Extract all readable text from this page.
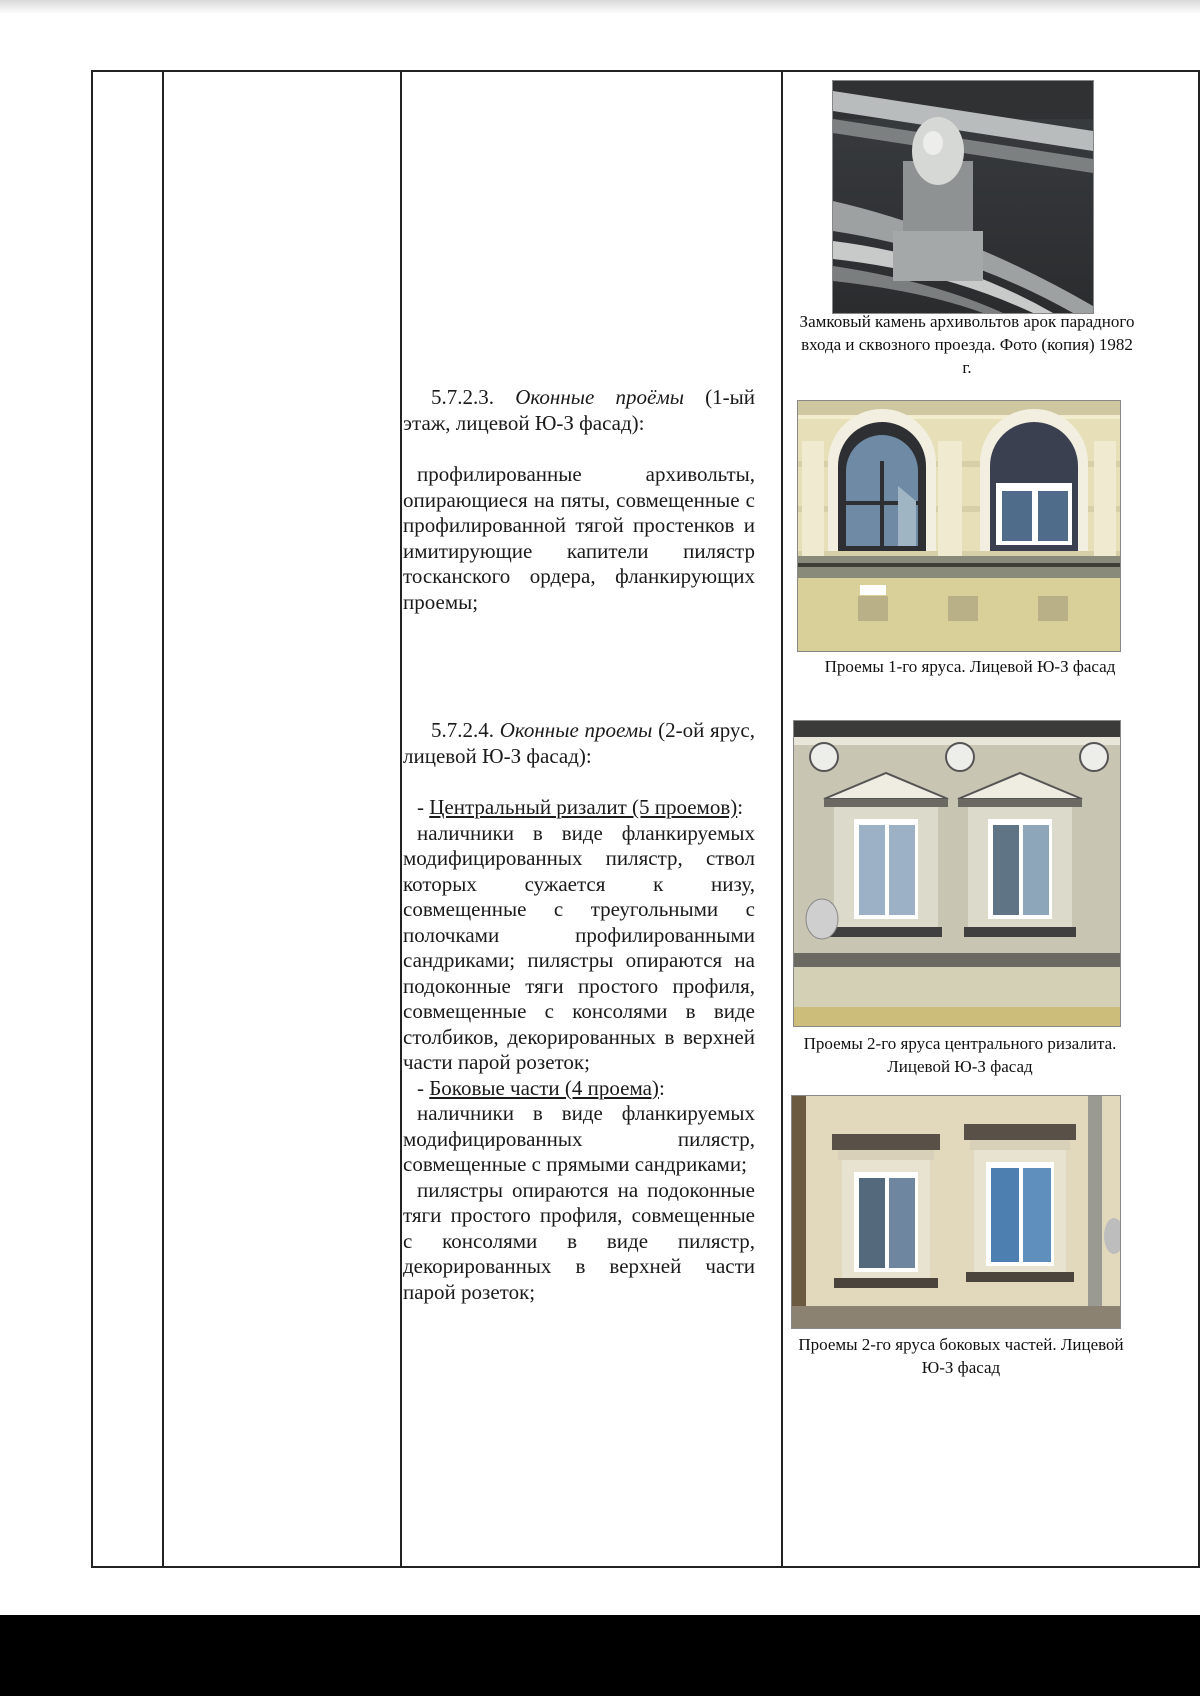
5.7.2.3. Оконные проёмы (1-ый этаж, лицевой Ю-З фасад):

профилированные архивольты, опирающиеся на пяты, совмещенные с профилированной тягой простенков и имитирующие капители пилястр тосканского ордера, фланкирующих проемы;

5.7.2.4. Оконные проемы (2-ой ярус, лицевой Ю-З фасад):

- Центральный ризалит (5 проемов):

наличники в виде фланкируемых модифицированных пилястр, ствол которых сужается к низу, совмещенные с треугольными с полочками профилированными сандриками; пилястры опираются на подоконные тяги простого профиля, совмещенные с консолями в виде столбиков, декорированных в верхней части парой розеток;

- Боковые части (4 проема):

наличники в виде фланкируемых модифицированных пилястр, совмещенные с прямыми сандриками;

пилястры опираются на подоконные тяги простого профиля, совмещенные с консолями в виде пилястр, декорированных в верхней части парой розеток;

Замковый камень архивольтов арок парадного входа и сквозного проезда. Фото (копия) 1982 г.
Проемы 1-го яруса. Лицевой Ю-З фасад
Проемы 2-го яруса центрального ризалита. Лицевой Ю-З фасад
Проемы 2-го яруса боковых частей. Лицевой Ю-З фасад
